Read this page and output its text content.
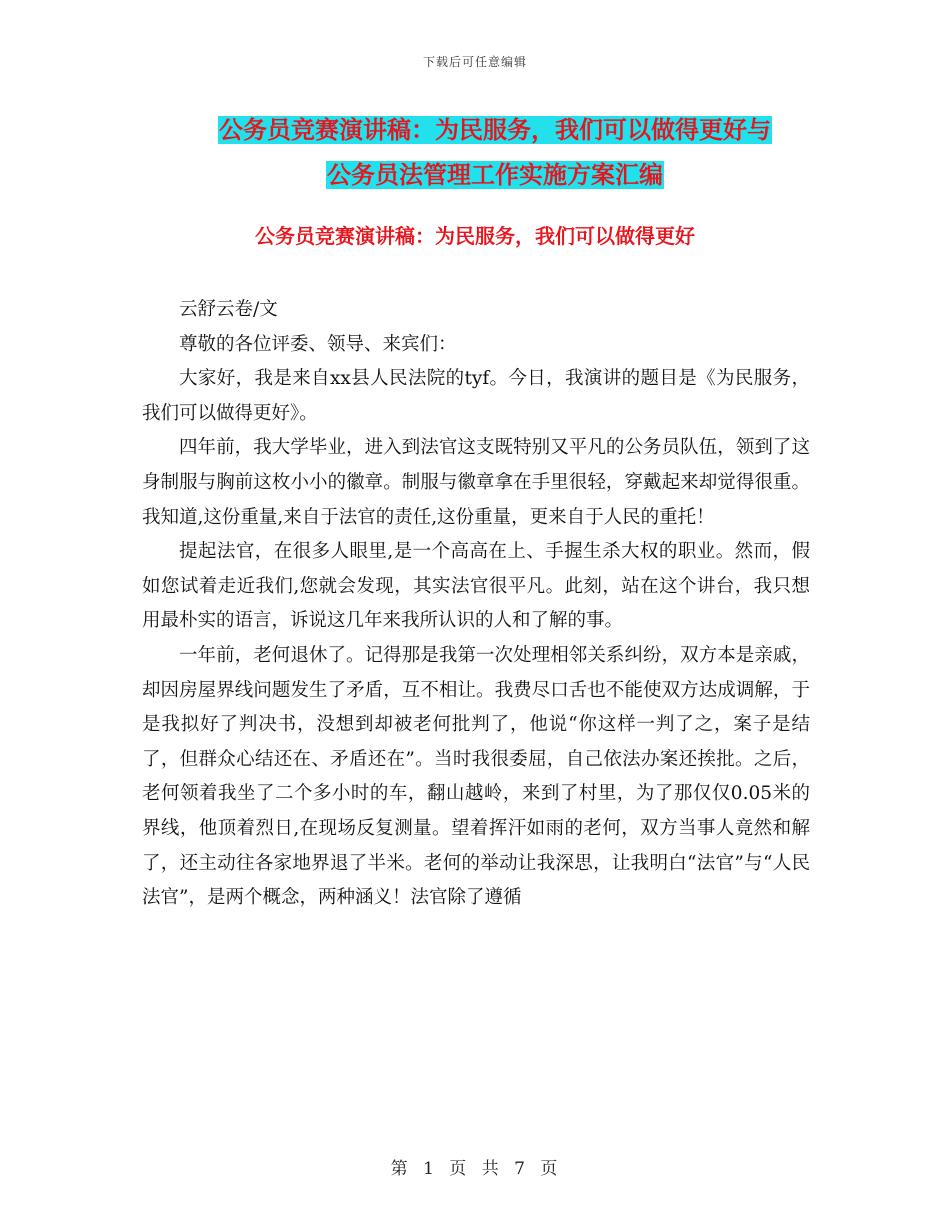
下载后可任意编辑
公务员竞赛演讲稿：为民服务，我们可以做得更好与
公务员法管理工作实施方案汇编
公务员竞赛演讲稿：为民服务，我们可以做得更好

云舒云卷/文

尊敬的各位评委、领导、来宾们：

大家好，我是来自xx县人民法院的tyf。今日，我演讲的题目是《为民服务，我们可以做得更好》。

四年前，我大学毕业，进入到法官这支既特别又平凡的公务员队伍，领到了这身制服与胸前这枚小小的徽章。制服与徽章拿在手里很轻，穿戴起来却觉得很重。我知道,这份重量,来自于法官的责任,这份重量，更来自于人民的重托！

提起法官，在很多人眼里,是一个高高在上、手握生杀大权的职业。然而，假如您试着走近我们,您就会发现，其实法官很平凡。此刻，站在这个讲台，我只想用最朴实的语言，诉说这几年来我所认识的人和了解的事。

一年前，老何退休了。记得那是我第一次处理相邻关系纠纷，双方本是亲戚，却因房屋界线问题发生了矛盾，互不相让。我费尽口舌也不能使双方达成调解，于是我拟好了判决书，没想到却被老何批判了，他说“你这样一判了之，案子是结了，但群众心结还在、矛盾还在”。当时我很委屈，自己依法办案还挨批。之后，老何领着我坐了二个多小时的车，翻山越岭，来到了村里，为了那仅仅0.05米的界线，他顶着烈日,在现场反复测量。望着挥汗如雨的老何，双方当事人竟然和解了，还主动往各家地界退了半米。老何的举动让我深思，让我明白“法官”与“人民法官”，是两个概念，两种涵义！法官除了遵循

第 1 页 共 7 页
